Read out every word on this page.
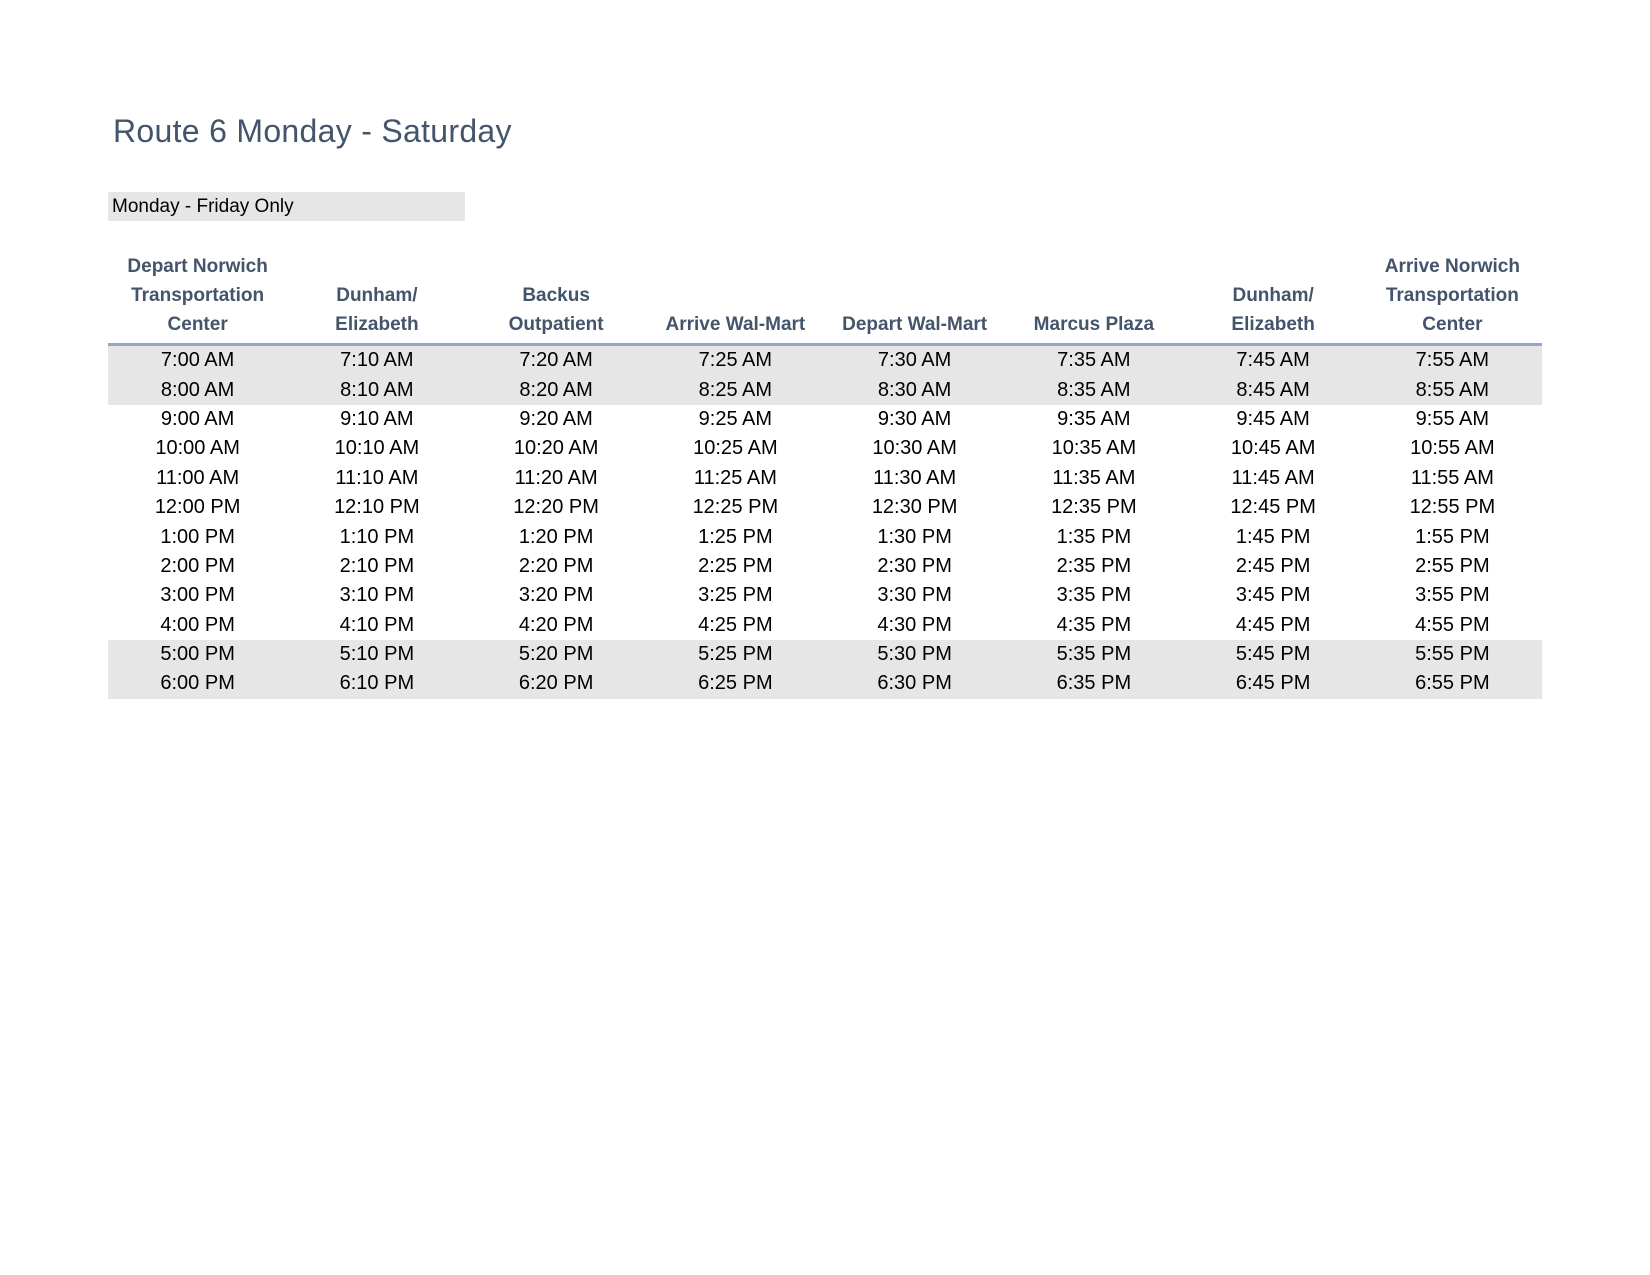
Route 6 Monday - Saturday
Monday - Friday Only
Depart Norwich
Transportation
Center	Dunham/
Elizabeth	Backus
Outpatient	Arrive Wal-Mart	Depart Wal-Mart	Marcus Plaza	Dunham/
Elizabeth	Arrive Norwich
Transportation
Center
7:00 AM	7:10 AM	7:20 AM	7:25 AM	7:30 AM	7:35 AM	7:45 AM	7:55 AM
8:00 AM	8:10 AM	8:20 AM	8:25 AM	8:30 AM	8:35 AM	8:45 AM	8:55 AM
9:00 AM	9:10 AM	9:20 AM	9:25 AM	9:30 AM	9:35 AM	9:45 AM	9:55 AM
10:00 AM	10:10 AM	10:20 AM	10:25 AM	10:30 AM	10:35 AM	10:45 AM	10:55 AM
11:00 AM	11:10 AM	11:20 AM	11:25 AM	11:30 AM	11:35 AM	11:45 AM	11:55 AM
12:00 PM	12:10 PM	12:20 PM	12:25 PM	12:30 PM	12:35 PM	12:45 PM	12:55 PM
1:00 PM	1:10 PM	1:20 PM	1:25 PM	1:30 PM	1:35 PM	1:45 PM	1:55 PM
2:00 PM	2:10 PM	2:20 PM	2:25 PM	2:30 PM	2:35 PM	2:45 PM	2:55 PM
3:00 PM	3:10 PM	3:20 PM	3:25 PM	3:30 PM	3:35 PM	3:45 PM	3:55 PM
4:00 PM	4:10 PM	4:20 PM	4:25 PM	4:30 PM	4:35 PM	4:45 PM	4:55 PM
5:00 PM	5:10 PM	5:20 PM	5:25 PM	5:30 PM	5:35 PM	5:45 PM	5:55 PM
6:00 PM	6:10 PM	6:20 PM	6:25 PM	6:30 PM	6:35 PM	6:45 PM	6:55 PM
